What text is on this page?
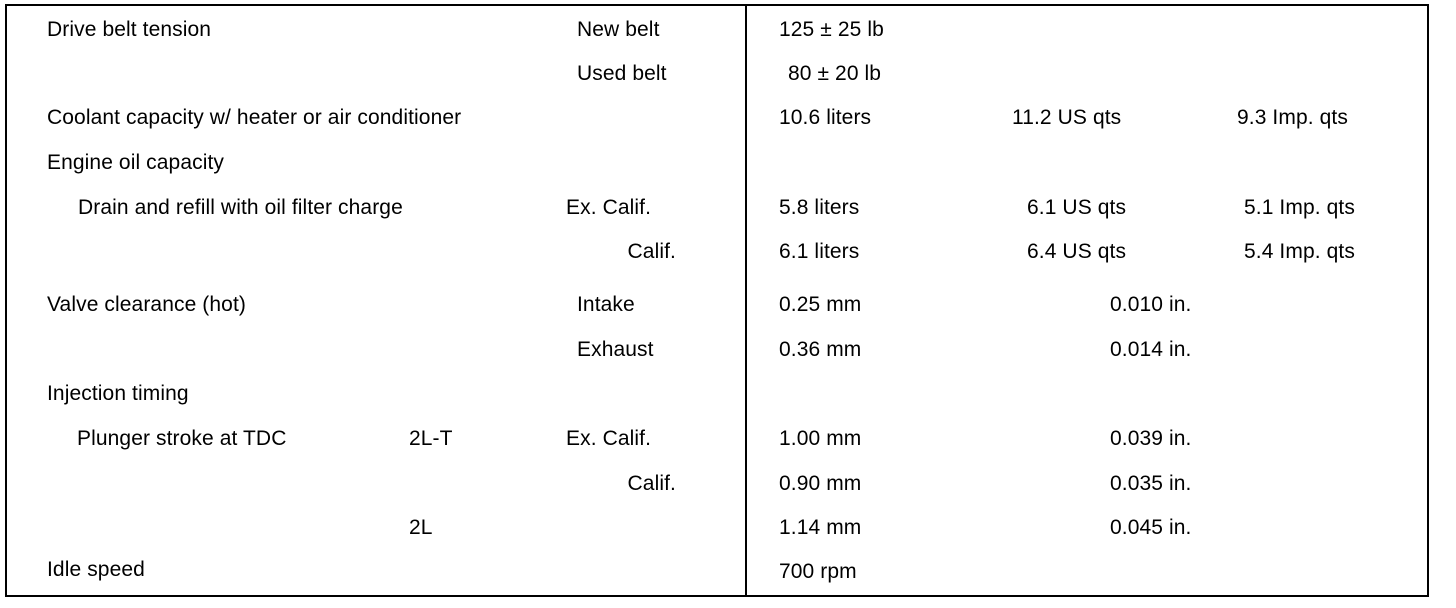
Drive belt tension	New belt	125 ± 25 lb
Used belt	80 ± 20 lb
Coolant capacity w/ heater or air conditioner	10.6 liters	11.2 US qts	9.3 Imp. qts
Engine oil capacity
Drain and refill with oil filter charge	Ex. Calif.	5.8 liters	6.1 US qts	5.1 Imp. qts
Calif.	6.1 liters	6.4 US qts	5.4 Imp. qts
Valve clearance (hot)	Intake	0.25 mm	0.010 in.
Exhaust	0.36 mm	0.014 in.
Injection timing
Plunger stroke at TDC	2L-T	Ex. Calif.	1.00 mm	0.039 in.
Calif.	0.90 mm	0.035 in.
2L	1.14 mm	0.045 in.
Idle speed	700 rpm
